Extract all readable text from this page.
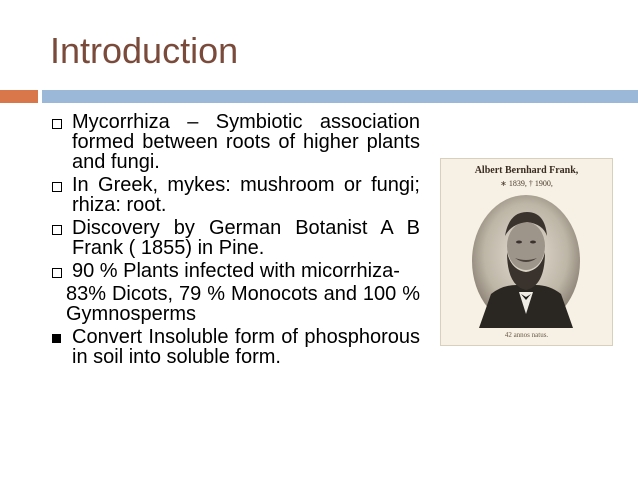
Introduction
Mycorrhiza – Symbiotic association formed between roots of higher plants and fungi.
In Greek, mykes: mushroom or fungi; rhiza: root.
Discovery by German Botanist A B Frank ( 1855) in Pine.
90 % Plants infected with micorrhiza-
83% Dicots, 79 % Monocots and 100 % Gymnosperms
Convert Insoluble form of phosphorous in soil into soluble form.
Albert Bernhard Frank,
∗ 1839, † 1900,
42 annos natus.
